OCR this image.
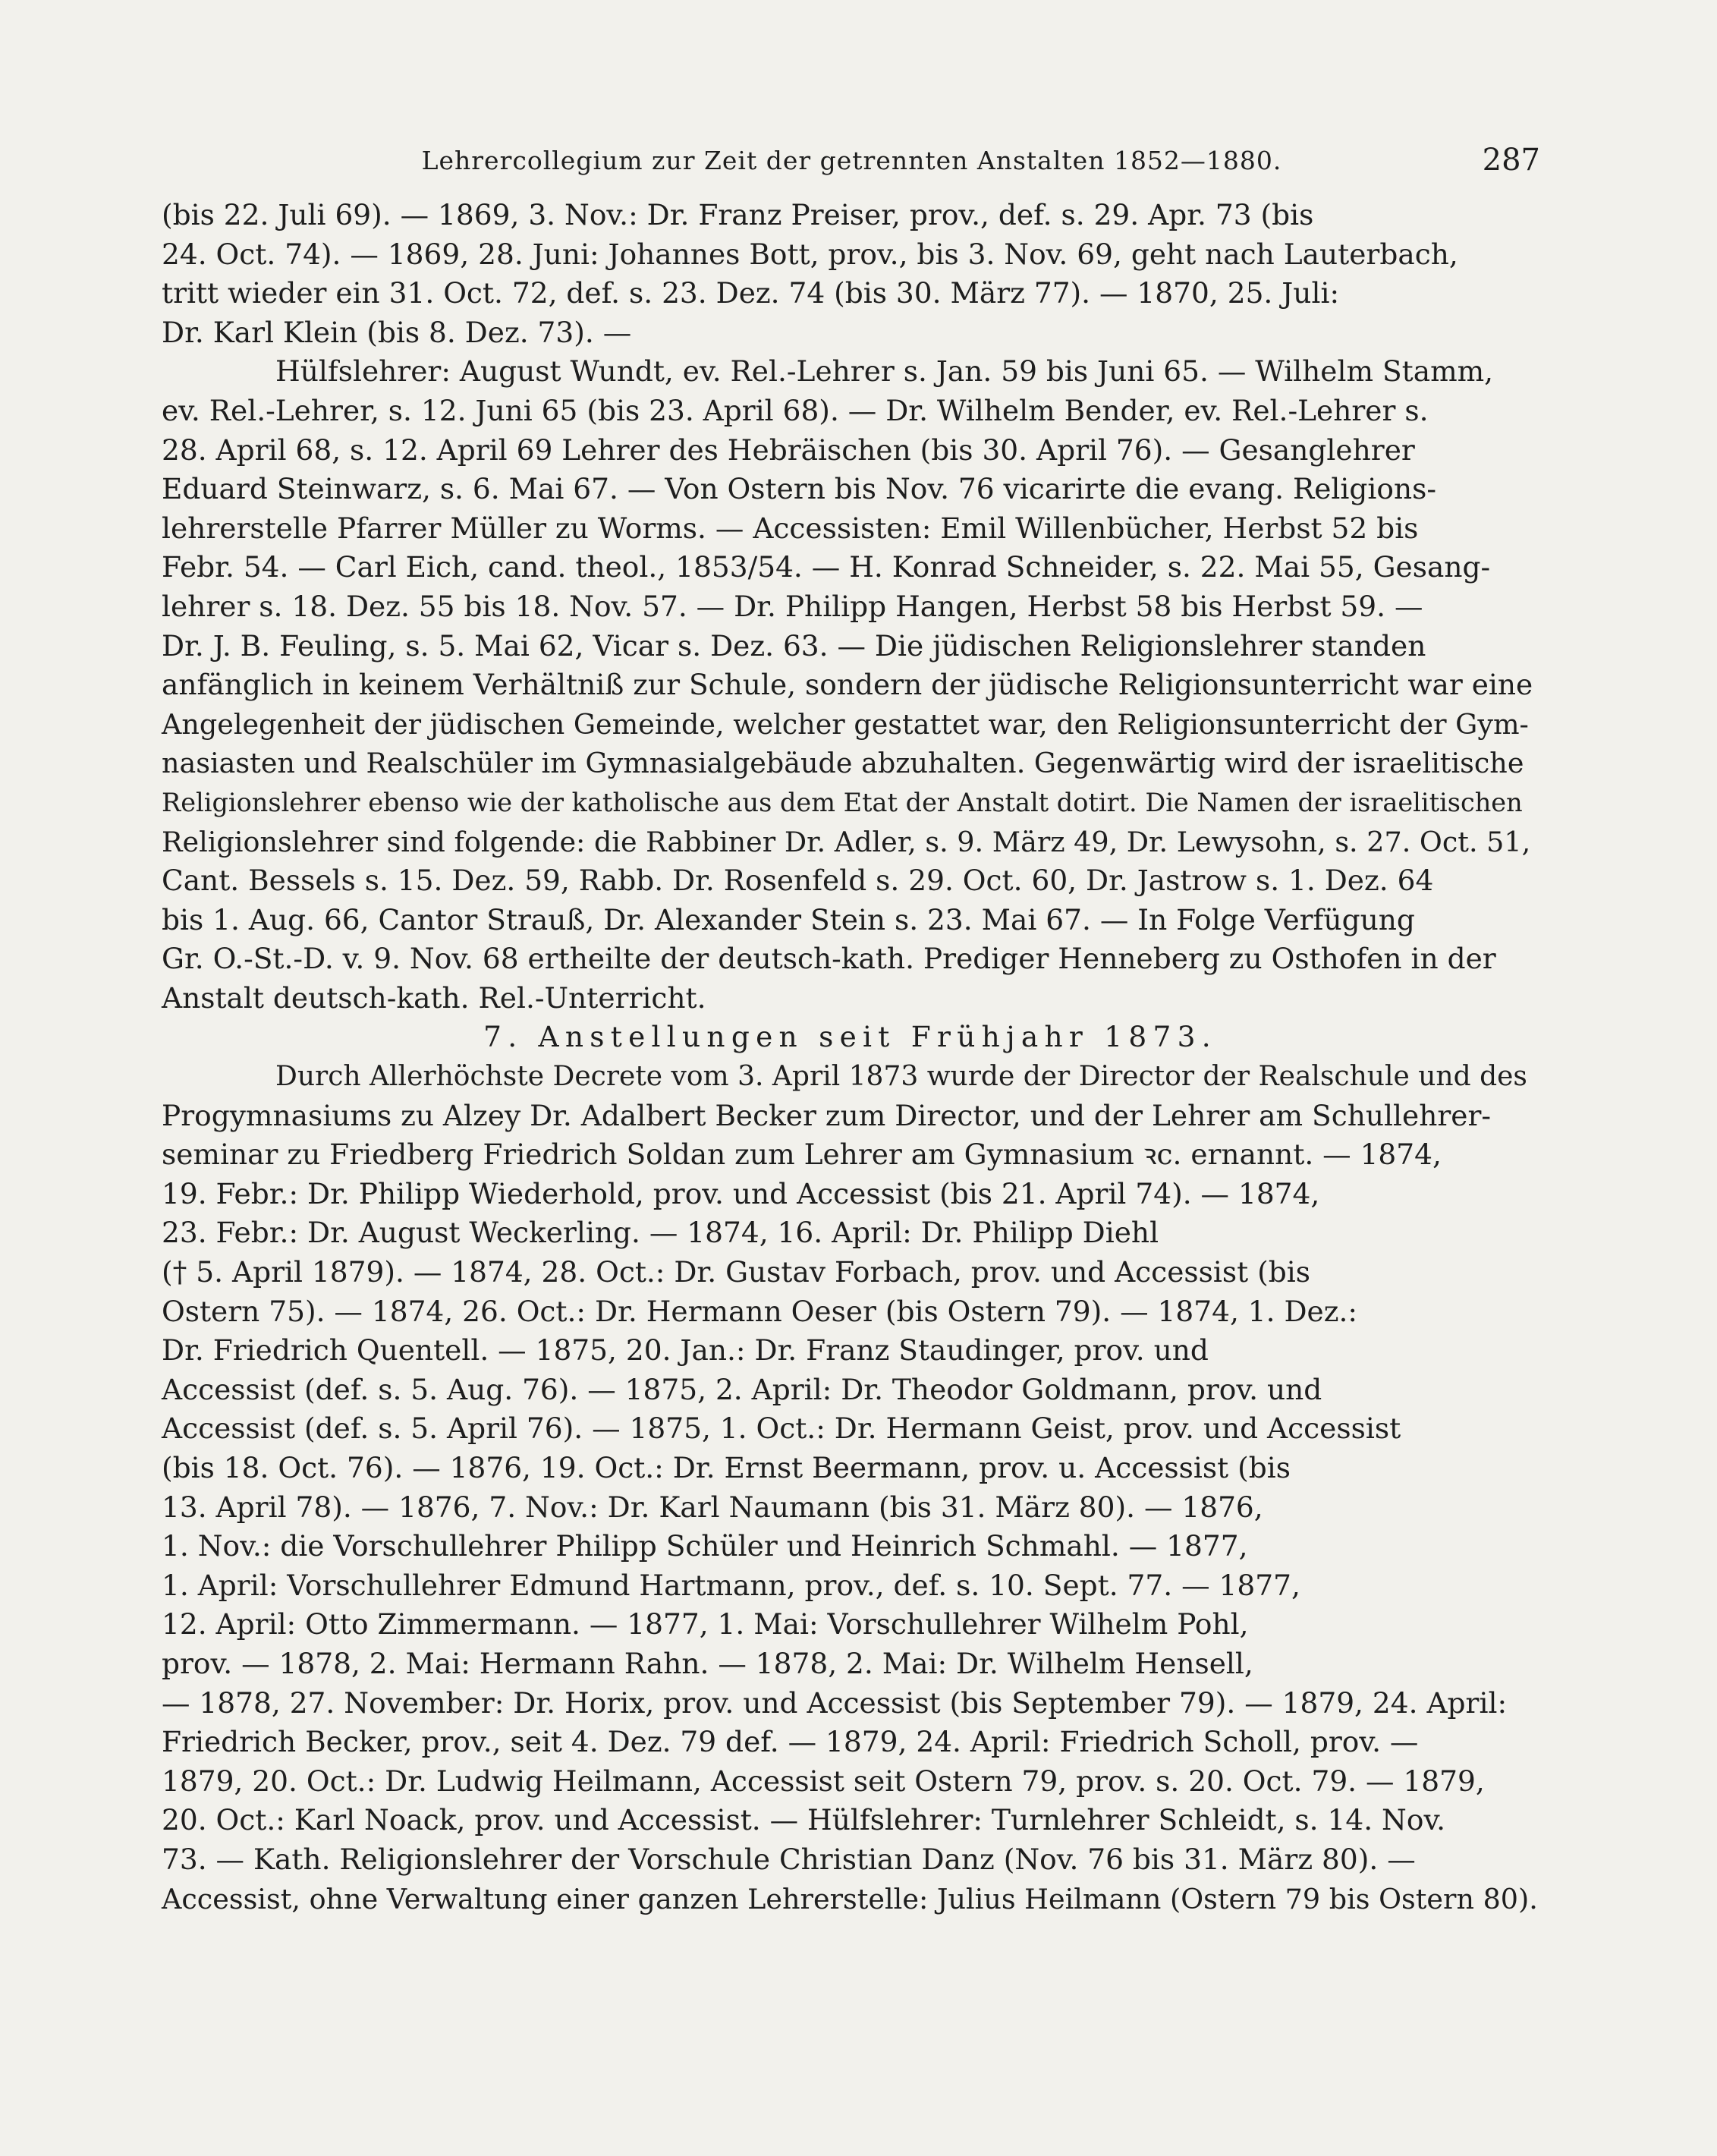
Lehrercollegium zur Zeit der getrennten Anstalten 1852—1880.	287
(bis 22. Juli 69). — 1869, 3. Nov.: Dr. Franz Preiser, prov., def. s. 29. Apr. 73 (bis
24. Oct. 74). — 1869, 28. Juni: Johannes Bott, prov., bis 3. Nov. 69, geht nach Lauterbach,
tritt wieder ein 31. Oct. 72, def. s. 23. Dez. 74 (bis 30. März 77). — 1870, 25. Juli:
Dr. Karl Klein (bis 8. Dez. 73). —
Hülfslehrer: August Wundt, ev. Rel.-Lehrer s. Jan. 59 bis Juni 65. — Wilhelm Stamm,
ev. Rel.-Lehrer, s. 12. Juni 65 (bis 23. April 68). — Dr. Wilhelm Bender, ev. Rel.-Lehrer s.
28. April 68, s. 12. April 69 Lehrer des Hebräischen (bis 30. April 76). — Gesanglehrer
Eduard Steinwarz, s. 6. Mai 67. — Von Ostern bis Nov. 76 vicarirte die evang. Religions-
lehrerstelle Pfarrer Müller zu Worms. — Accessisten: Emil Willenbücher, Herbst 52 bis
Febr. 54. — Carl Eich, cand. theol., 1853/54. — H. Konrad Schneider, s. 22. Mai 55, Gesang-
lehrer s. 18. Dez. 55 bis 18. Nov. 57. — Dr. Philipp Hangen, Herbst 58 bis Herbst 59. —
Dr. J. B. Feuling, s. 5. Mai 62, Vicar s. Dez. 63. — Die jüdischen Religionslehrer standen
anfänglich in keinem Verhältniß zur Schule, sondern der jüdische Religionsunterricht war eine
Angelegenheit der jüdischen Gemeinde, welcher gestattet war, den Religionsunterricht der Gym-
nasiasten und Realschüler im Gymnasialgebäude abzuhalten. Gegenwärtig wird der israelitische
Religionslehrer ebenso wie der katholische aus dem Etat der Anstalt dotirt. Die Namen der israelitischen
Religionslehrer sind folgende: die Rabbiner Dr. Adler, s. 9. März 49, Dr. Lewysohn, s. 27. Oct. 51,
Cant. Bessels s. 15. Dez. 59, Rabb. Dr. Rosenfeld s. 29. Oct. 60, Dr. Jastrow s. 1. Dez. 64
bis 1. Aug. 66, Cantor Strauß, Dr. Alexander Stein s. 23. Mai 67. — In Folge Verfügung
Gr. O.-St.-D. v. 9. Nov. 68 ertheilte der deutsch-kath. Prediger Henneberg zu Osthofen in der
Anstalt deutsch-kath. Rel.-Unterricht.
7. Anstellungen seit Frühjahr 1873.
Durch Allerhöchste Decrete vom 3. April 1873 wurde der Director der Realschule und des
Progymnasiums zu Alzey Dr. Adalbert Becker zum Director, und der Lehrer am Schullehrer-
seminar zu Friedberg Friedrich Soldan zum Lehrer am Gymnasium ꝛc. ernannt. — 1874,
19. Febr.: Dr. Philipp Wiederhold, prov. und Accessist (bis 21. April 74). — 1874,
23. Febr.: Dr. August Weckerling. — 1874, 16. April: Dr. Philipp Diehl
(† 5. April 1879). — 1874, 28. Oct.: Dr. Gustav Forbach, prov. und Accessist (bis
Ostern 75). — 1874, 26. Oct.: Dr. Hermann Oeser (bis Ostern 79). — 1874, 1. Dez.:
Dr. Friedrich Quentell. — 1875, 20. Jan.: Dr. Franz Staudinger, prov. und
Accessist (def. s. 5. Aug. 76). — 1875, 2. April: Dr. Theodor Goldmann, prov. und
Accessist (def. s. 5. April 76). — 1875, 1. Oct.: Dr. Hermann Geist, prov. und Accessist
(bis 18. Oct. 76). — 1876, 19. Oct.: Dr. Ernst Beermann, prov. u. Accessist (bis
13. April 78). — 1876, 7. Nov.: Dr. Karl Naumann (bis 31. März 80). — 1876,
1. Nov.: die Vorschullehrer Philipp Schüler und Heinrich Schmahl. — 1877,
1. April: Vorschullehrer Edmund Hartmann, prov., def. s. 10. Sept. 77. — 1877,
12. April: Otto Zimmermann. — 1877, 1. Mai: Vorschullehrer Wilhelm Pohl,
prov. — 1878, 2. Mai: Hermann Rahn. — 1878, 2. Mai: Dr. Wilhelm Hensell,
— 1878, 27. November: Dr. Horix, prov. und Accessist (bis September 79). — 1879, 24. April:
Friedrich Becker, prov., seit 4. Dez. 79 def. — 1879, 24. April: Friedrich Scholl, prov. —
1879, 20. Oct.: Dr. Ludwig Heilmann, Accessist seit Ostern 79, prov. s. 20. Oct. 79. — 1879,
20. Oct.: Karl Noack, prov. und Accessist. — Hülfslehrer: Turnlehrer Schleidt, s. 14. Nov.
73. — Kath. Religionslehrer der Vorschule Christian Danz (Nov. 76 bis 31. März 80). —
Accessist, ohne Verwaltung einer ganzen Lehrerstelle: Julius Heilmann (Ostern 79 bis Ostern 80).
